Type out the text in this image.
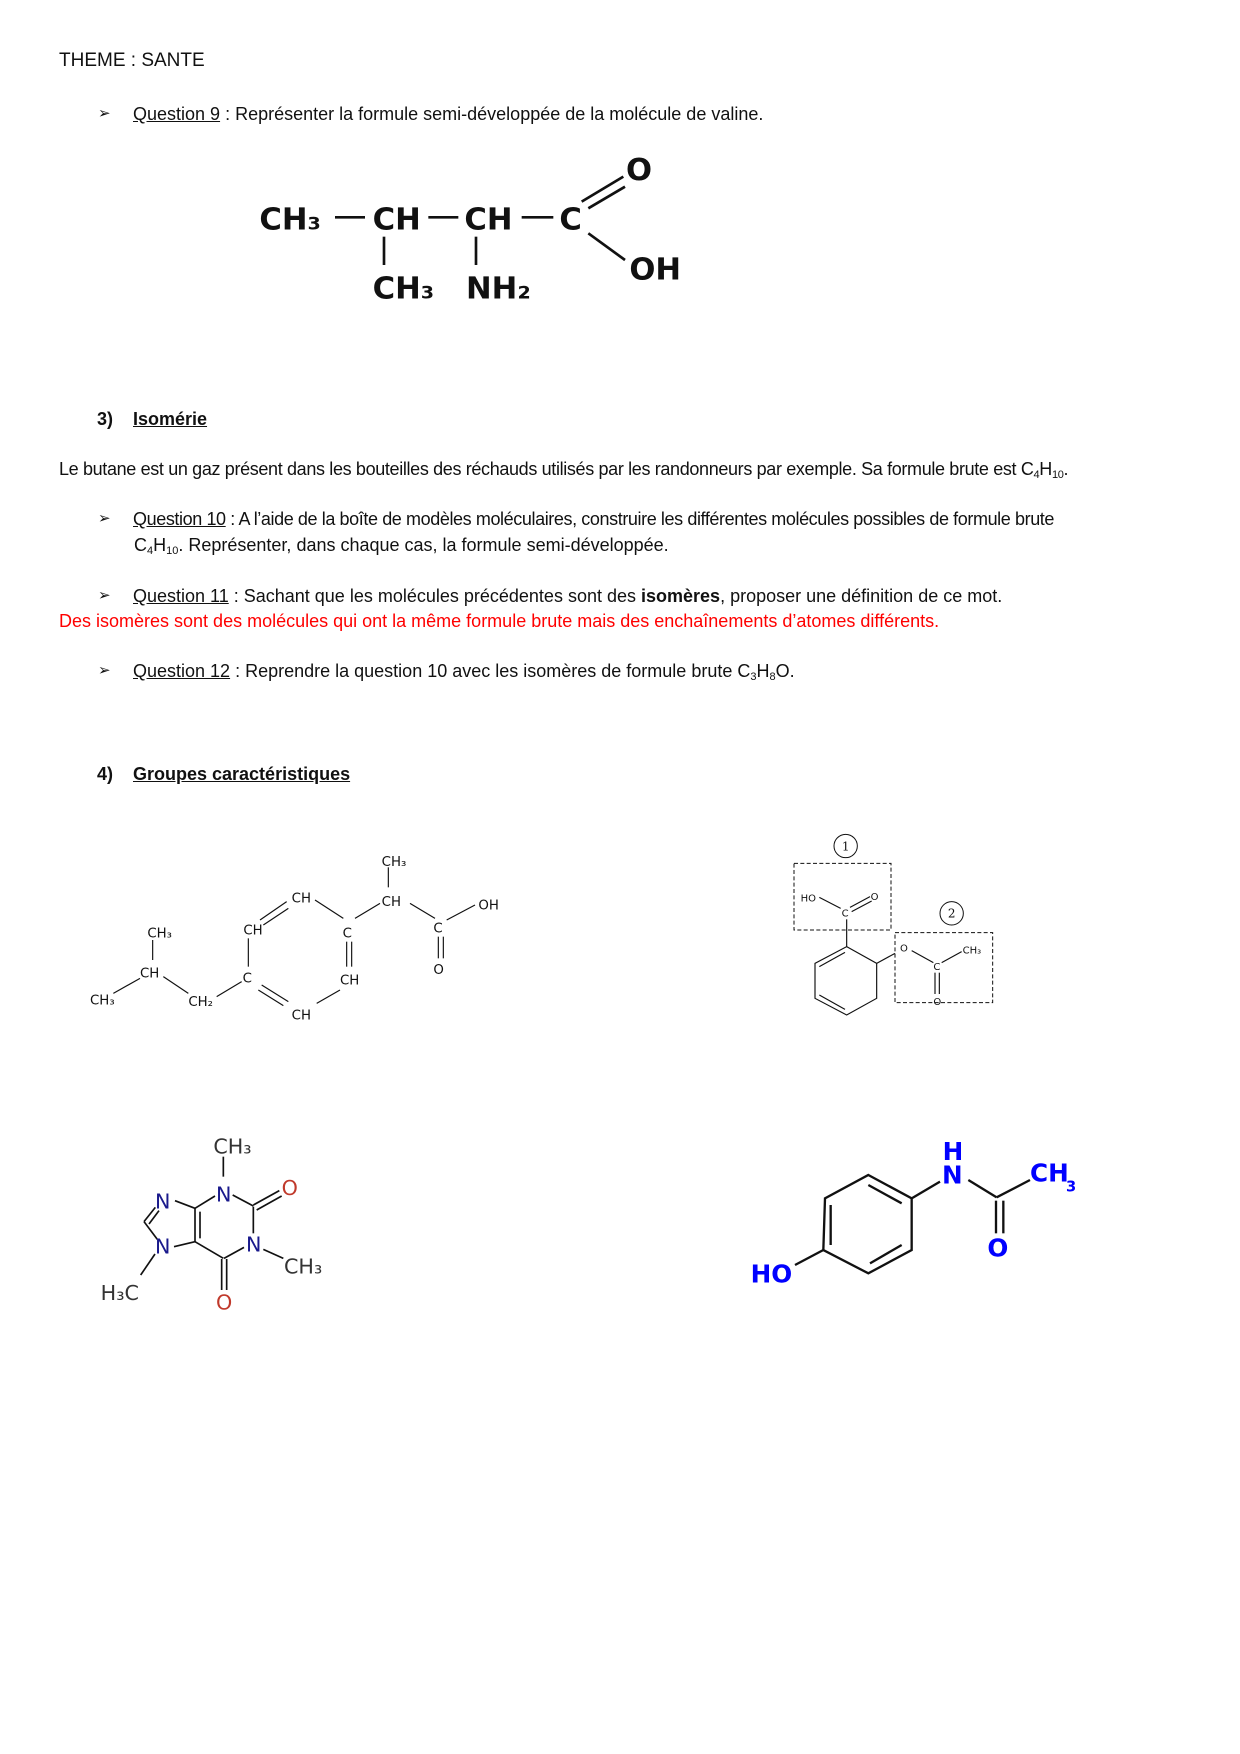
THEME : SANTE
➢ Question 9 : Représenter la formule semi-développée de la molécule de valine.
CH₃ CH CH C
O
OH
CH₃ NH₂
3) Isomérie
Le butane est un gaz présent dans les bouteilles des réchauds utilisés par les randonneurs par exemple. Sa formule brute est $C_4H_{10}$.
➢ Question 10 : A l’aide de la boîte de modèles moléculaires, construire les différentes molécules possibles de formule brute
$C_4H_{10}$. Représenter, dans chaque cas, la formule semi-développée.
➢ Question 11 : Sachant que les molécules précédentes sont des isomères, proposer une définition de ce mot.
Des isomères sont des molécules qui ont la même formule brute mais des enchaînements d’atomes différents.
➢ Question 12 : Reprendre la question 10 avec les isomères de formule brute $C_3H_8O$.
4) Groupes caractéristiques
CH₃
CH OH
C
O
CH
CH C
C CH
CH₃
CH
CH₃ CH₂
CH
1
2
HO
C
O
O
C
CH₃
O
CH₃
N O
N
N N
CH₃
H₃C O
HO
H
N CH
3
O
